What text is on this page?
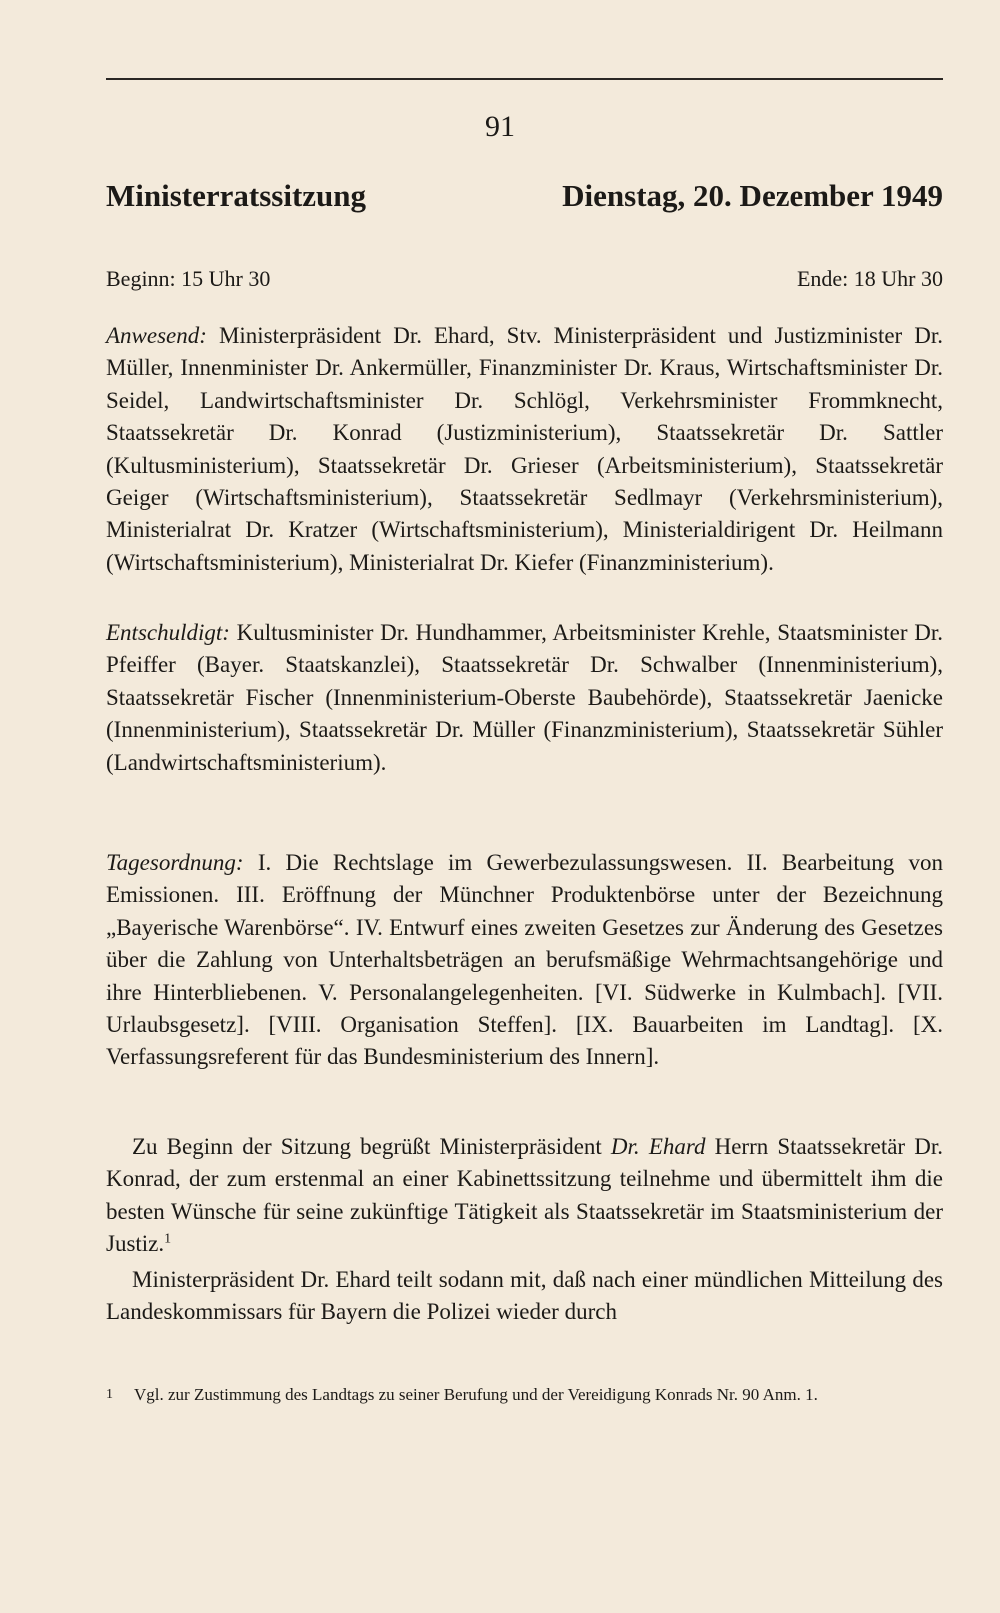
91
Ministerratssitzung	Dienstag, 20. Dezember 1949
Beginn: 15 Uhr 30	Ende: 18 Uhr 30
Anwesend: Ministerpräsident Dr. Ehard, Stv. Ministerpräsident und Justizminister Dr. Müller, Innenminister Dr. Ankermüller, Finanzminister Dr. Kraus, Wirtschaftsminister Dr. Seidel, Landwirtschaftsminister Dr. Schlögl, Verkehrsminister Frommknecht, Staatssekretär Dr. Konrad (Justizministerium), Staatssekretär Dr. Sattler (Kultusministerium), Staatssekretär Dr. Grieser (Arbeitsministerium), Staatssekretär Geiger (Wirtschaftsministerium), Staatssekretär Sedlmayr (Verkehrsministerium), Ministerialrat Dr. Kratzer (Wirtschaftsministerium), Ministerialdirigent Dr. Heilmann (Wirtschaftsministerium), Ministerialrat Dr. Kiefer (Finanzministerium).
Entschuldigt: Kultusminister Dr. Hundhammer, Arbeitsminister Krehle, Staatsminister Dr. Pfeiffer (Bayer. Staatskanzlei), Staatssekretär Dr. Schwalber (Innenministerium), Staatssekretär Fischer (Innenministerium-Oberste Baubehörde), Staatssekretär Jaenicke (Innenministerium), Staatssekretär Dr. Müller (Finanzministerium), Staatssekretär Sühler (Landwirtschaftsministerium).
Tagesordnung: I. Die Rechtslage im Gewerbezulassungswesen. II. Bearbeitung von Emissionen. III. Eröffnung der Münchner Produktenbörse unter der Bezeichnung „Bayerische Warenbörse“. IV. Entwurf eines zweiten Gesetzes zur Änderung des Gesetzes über die Zahlung von Unterhaltsbeträgen an berufsmäßige Wehrmachtsangehörige und ihre Hinterbliebenen. V. Personalangelegenheiten. [VI. Südwerke in Kulmbach]. [VII. Urlaubsgesetz]. [VIII. Organisation Steffen]. [IX. Bauarbeiten im Landtag]. [X. Verfassungsreferent für das Bundesministerium des Innern].
Zu Beginn der Sitzung begrüßt Ministerpräsident Dr. Ehard Herrn Staatssekretär Dr. Konrad, der zum erstenmal an einer Kabinettssitzung teilnehme und übermittelt ihm die besten Wünsche für seine zukünftige Tätigkeit als Staatssekretär im Staatsministerium der Justiz.$^1$
Ministerpräsident Dr. Ehard teilt sodann mit, daß nach einer mündlichen Mitteilung des Landeskommissars für Bayern die Polizei wieder durch
1	Vgl. zur Zustimmung des Landtags zu seiner Berufung und der Vereidigung Konrads Nr. 90 Anm. 1.
